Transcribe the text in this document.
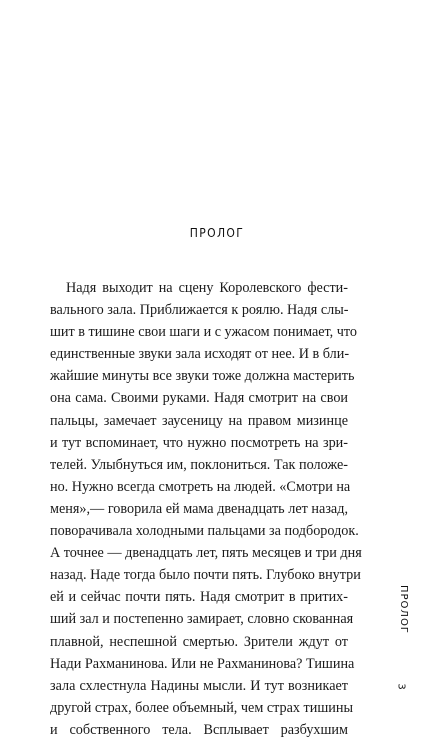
ПРОЛОГ
Надя выходит на сцену Королевского фести-
вального зала. Приближается к роялю. Надя слы-
шит в тишине свои шаги и с ужасом понимает, что
единственные звуки зала исходят от нее. И в бли-
жайшие минуты все звуки тоже должна мастерить
она сама. Своими руками. Надя смотрит на свои
пальцы, замечает заусеницу на правом мизинце
и тут вспоминает, что нужно посмотреть на зри-
телей. Улыбнуться им, поклониться. Так положе-
но. Нужно всегда смотреть на людей. «Смотри на
меня»,— говорила ей мама двенадцать лет назад,
поворачивала холодными пальцами за подбородок.
А точнее — двенадцать лет, пять месяцев и три дня
назад. Наде тогда было почти пять. Глубоко внутри
ей и сейчас почти пять. Надя смотрит в притих-
ший зал и постепенно замирает, словно скованная
плавной, неспешной смертью. Зрители ждут от
Нади Рахманинова. Или не Рахманинова? Тишина
зала схлестнула Надины мысли. И тут возникает
другой страх, более объемный, чем страх тишины
и собственного тела. Всплывает разбухшим
ПРОЛОГ
3
